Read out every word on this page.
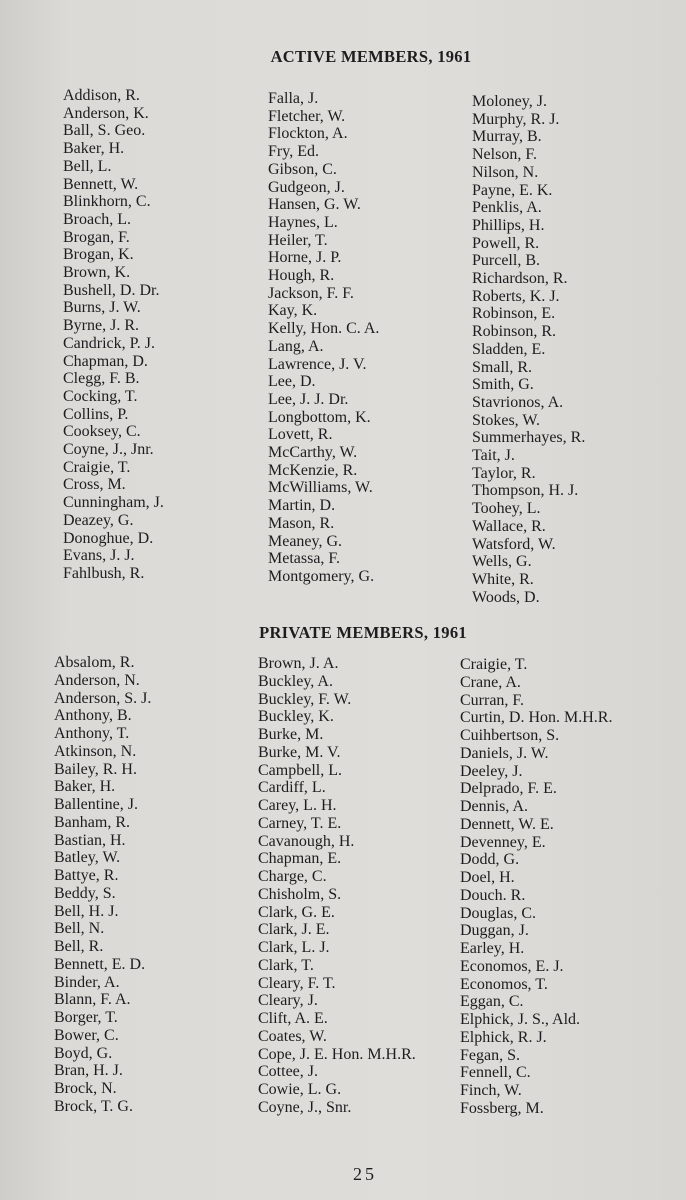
ACTIVE MEMBERS, 1961
Addison, R.
Anderson, K.
Ball, S. Geo.
Baker, H.
Bell, L.
Bennett, W.
Blinkhorn, C.
Broach, L.
Brogan, F.
Brogan, K.
Brown, K.
Bushell, D. Dr.
Burns, J. W.
Byrne, J. R.
Candrick, P. J.
Chapman, D.
Clegg, F. B.
Cocking, T.
Collins, P.
Cooksey, C.
Coyne, J., Jnr.
Craigie, T.
Cross, M.
Cunningham, J.
Deazey, G.
Donoghue, D.
Evans, J. J.
Fahlbush, R.
Falla, J.
Fletcher, W.
Flockton, A.
Fry, Ed.
Gibson, C.
Gudgeon, J.
Hansen, G. W.
Haynes, L.
Heiler, T.
Horne, J. P.
Hough, R.
Jackson, F. F.
Kay, K.
Kelly, Hon. C. A.
Lang, A.
Lawrence, J. V.
Lee, D.
Lee, J. J. Dr.
Longbottom, K.
Lovett, R.
McCarthy, W.
McKenzie, R.
McWilliams, W.
Martin, D.
Mason, R.
Meaney, G.
Metassa, F.
Montgomery, G.
Moloney, J.
Murphy, R. J.
Murray, B.
Nelson, F.
Nilson, N.
Payne, E. K.
Penklis, A.
Phillips, H.
Powell, R.
Purcell, B.
Richardson, R.
Roberts, K. J.
Robinson, E.
Robinson, R.
Sladden, E.
Small, R.
Smith, G.
Stavrionos, A.
Stokes, W.
Summerhayes, R.
Tait, J.
Taylor, R.
Thompson, H. J.
Toohey, L.
Wallace, R.
Watsford, W.
Wells, G.
White, R.
Woods, D.
PRIVATE MEMBERS, 1961
Absalom, R.
Anderson, N.
Anderson, S. J.
Anthony, B.
Anthony, T.
Atkinson, N.
Bailey, R. H.
Baker, H.
Ballentine, J.
Banham, R.
Bastian, H.
Batley, W.
Battye, R.
Beddy, S.
Bell, H. J.
Bell, N.
Bell, R.
Bennett, E. D.
Binder, A.
Blann, F. A.
Borger, T.
Bower, C.
Boyd, G.
Bran, H. J.
Brock, N.
Brock, T. G.
Brown, J. A.
Buckley, A.
Buckley, F. W.
Buckley, K.
Burke, M.
Burke, M. V.
Campbell, L.
Cardiff, L.
Carey, L. H.
Carney, T. E.
Cavanough, H.
Chapman, E.
Charge, C.
Chisholm, S.
Clark, G. E.
Clark, J. E.
Clark, L. J.
Clark, T.
Cleary, F. T.
Cleary, J.
Clift, A. E.
Coates, W.
Cope, J. E. Hon. M.H.R.
Cottee, J.
Cowie, L. G.
Coyne, J., Snr.
Craigie, T.
Crane, A.
Curran, F.
Curtin, D. Hon. M.H.R.
Cuihbertson, S.
Daniels, J. W.
Deeley, J.
Delprado, F. E.
Dennis, A.
Dennett, W. E.
Devenney, E.
Dodd, G.
Doel, H.
Douch. R.
Douglas, C.
Duggan, J.
Earley, H.
Economos, E. J.
Economos, T.
Eggan, C.
Elphick, J. S., Ald.
Elphick, R. J.
Fegan, S.
Fennell, C.
Finch, W.
Fossberg, M.
25
